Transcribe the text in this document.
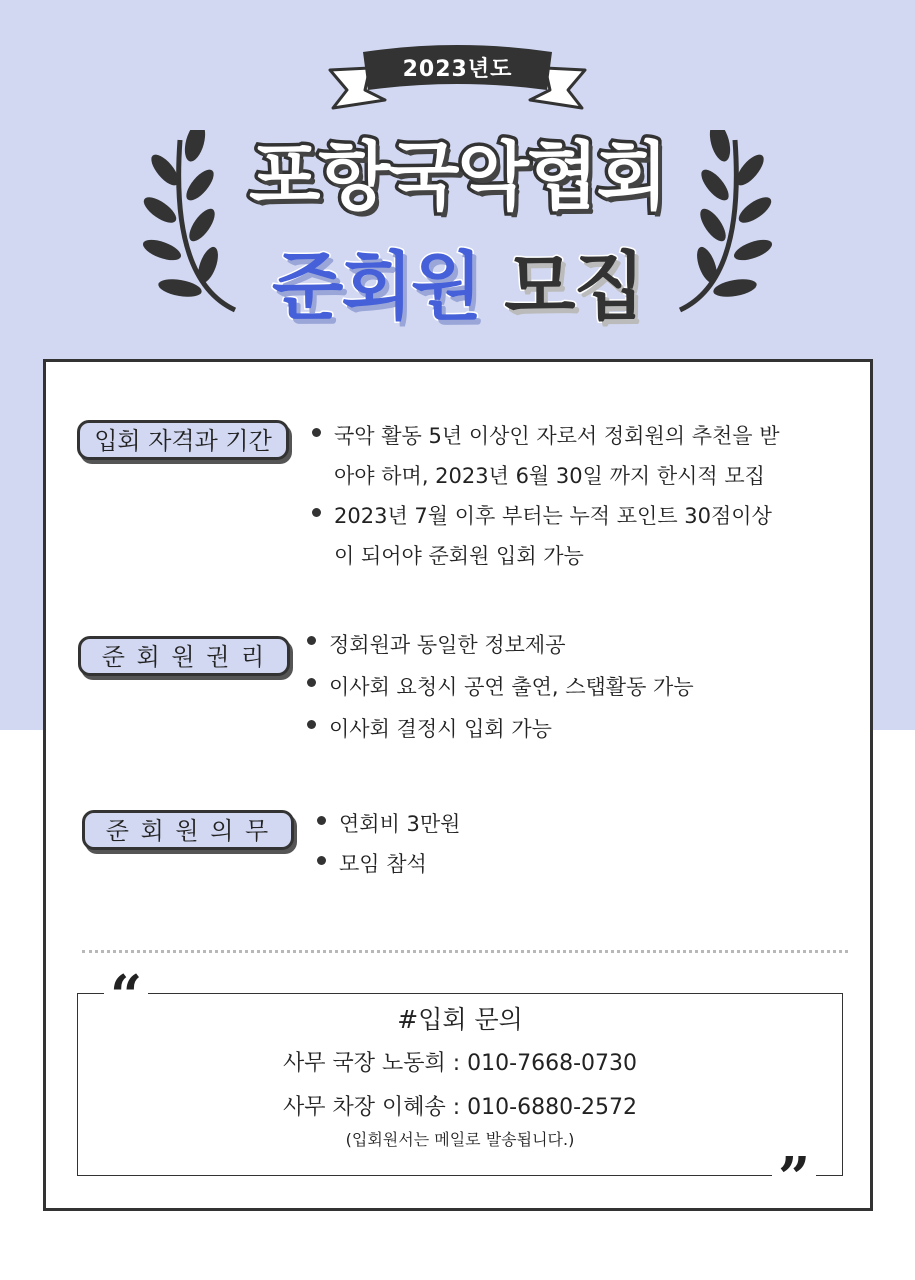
2023년도
포항국악협회
준회원 모집
입회 자격과 기간	국악 활동 5년 이상인 자로서 정회원의 추천을 받
아야 하며, 2023년 6월 30일 까지 한시적 모집
2023년 7월 이후 부터는 누적 포인트 30점이상
이 되어야 준회원 입회 가능
준 회 원 권 리	정회원과 동일한 정보제공
이사회 요청시 공연 출연, 스탭활동 가능
이사회 결정시 입회 가능
준 회 원 의 무	연회비 3만원
모임 참석
“
”
#입회 문의
사무 국장 노동희 : 010-7668-0730
사무 차장 이혜송 : 010-6880-2572
(입회원서는 메일로 발송됩니다.)
